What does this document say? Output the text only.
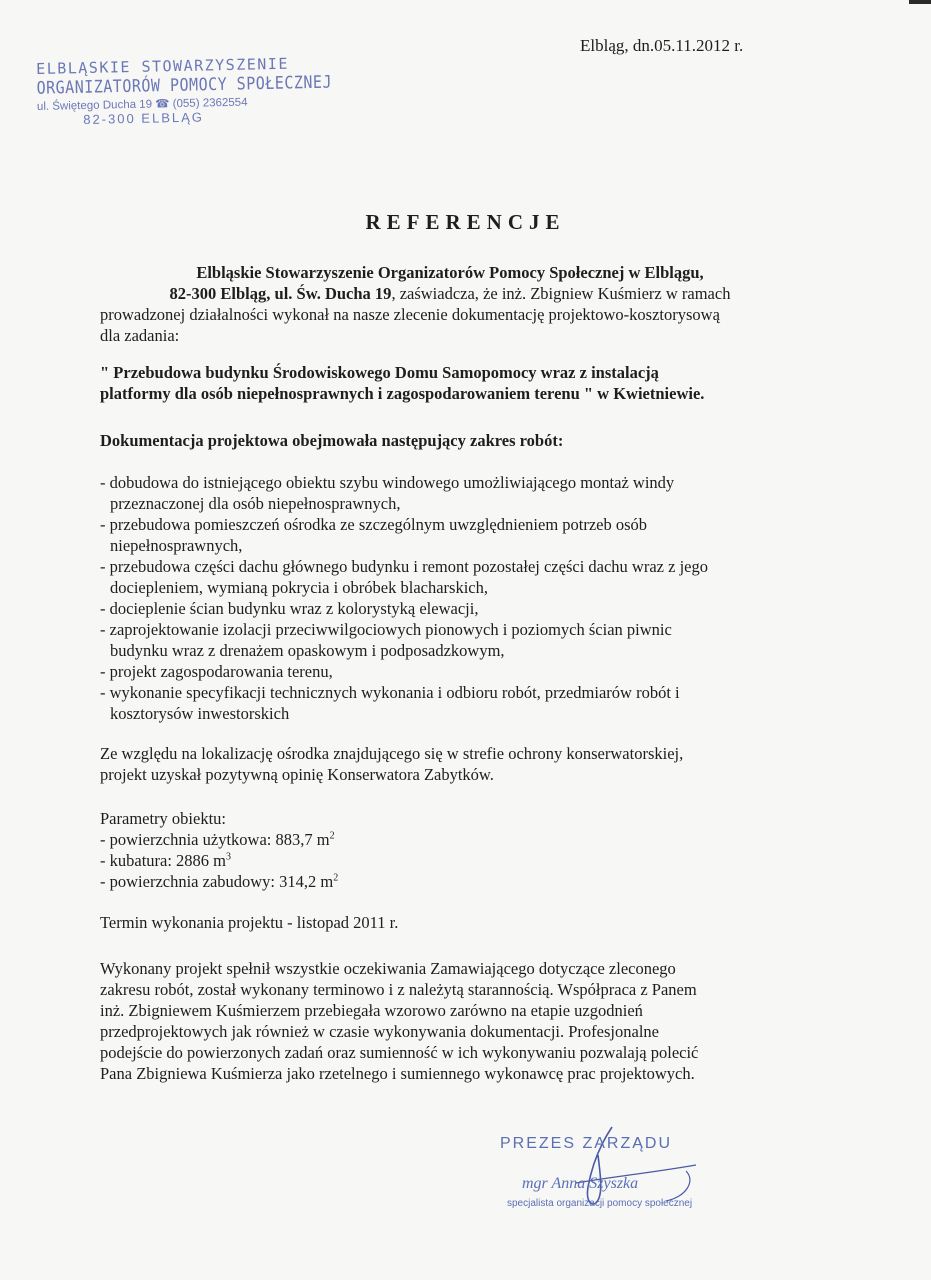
Elbląg, dn.05.11.2012 r.
ELBLĄSKIE STOWARZYSZENIE
ORGANIZATORÓW POMOCY SPOŁECZNEJ
ul. Świętego Ducha 19 ☎ (055) 2362554
82-300 ELBLĄG
REFERENCJE
Elbląskie Stowarzyszenie Organizatorów Pomocy Społecznej w Elblągu,
82-300 Elbląg, ul. Św. Ducha 19, zaświadcza, że inż. Zbigniew Kuśmierz w ramach
prowadzonej działalności wykonał na nasze zlecenie dokumentację projektowo-kosztorysową
dla zadania:
" Przebudowa budynku Środowiskowego Domu Samopomocy wraz z instalacją
platformy dla osób niepełnosprawnych i zagospodarowaniem terenu " w Kwietniewie.
Dokumentacja projektowa obejmowała następujący zakres robót:
- dobudowa do istniejącego obiektu szybu windowego umożliwiającego montaż windy
przeznaczonej dla osób niepełnosprawnych,
- przebudowa pomieszczeń ośrodka ze szczególnym uwzględnieniem potrzeb osób
niepełnosprawnych,
- przebudowa części dachu głównego budynku i remont pozostałej części dachu wraz z jego
dociepleniem, wymianą pokrycia i obróbek blacharskich,
- docieplenie ścian budynku wraz z kolorystyką elewacji,
- zaprojektowanie izolacji przeciwwilgociowych pionowych i poziomych ścian piwnic
budynku wraz z drenażem opaskowym i podposadzkowym,
- projekt zagospodarowania terenu,
- wykonanie specyfikacji technicznych wykonania i odbioru robót, przedmiarów robót i
kosztorysów inwestorskich
Ze względu na lokalizację ośrodka znajdującego się w strefie ochrony konserwatorskiej,
projekt uzyskał pozytywną opinię Konserwatora Zabytków.
Parametry obiektu:
- powierzchnia użytkowa: 883,7 $m^2$
- kubatura: 2886 $m^3$
- powierzchnia zabudowy: 314,2 $m^2$
Termin wykonania projektu - listopad 2011 r.
Wykonany projekt spełnił wszystkie oczekiwania Zamawiającego dotyczące zleconego
zakresu robót, został wykonany terminowo i z należytą starannością. Współpraca z Panem
inż. Zbigniewem Kuśmierzem przebiegała wzorowo zarówno na etapie uzgodnień
przedprojektowych jak również w czasie wykonywania dokumentacji. Profesjonalne
podejście do powierzonych zadań oraz sumienność w ich wykonywaniu pozwalają polecić
Pana Zbigniewa Kuśmierza jako rzetelnego i sumiennego wykonawcę prac projektowych.
PREZES ZARZĄDU
mgr Anna Szyszka
specjalista organizacji pomocy społecznej
